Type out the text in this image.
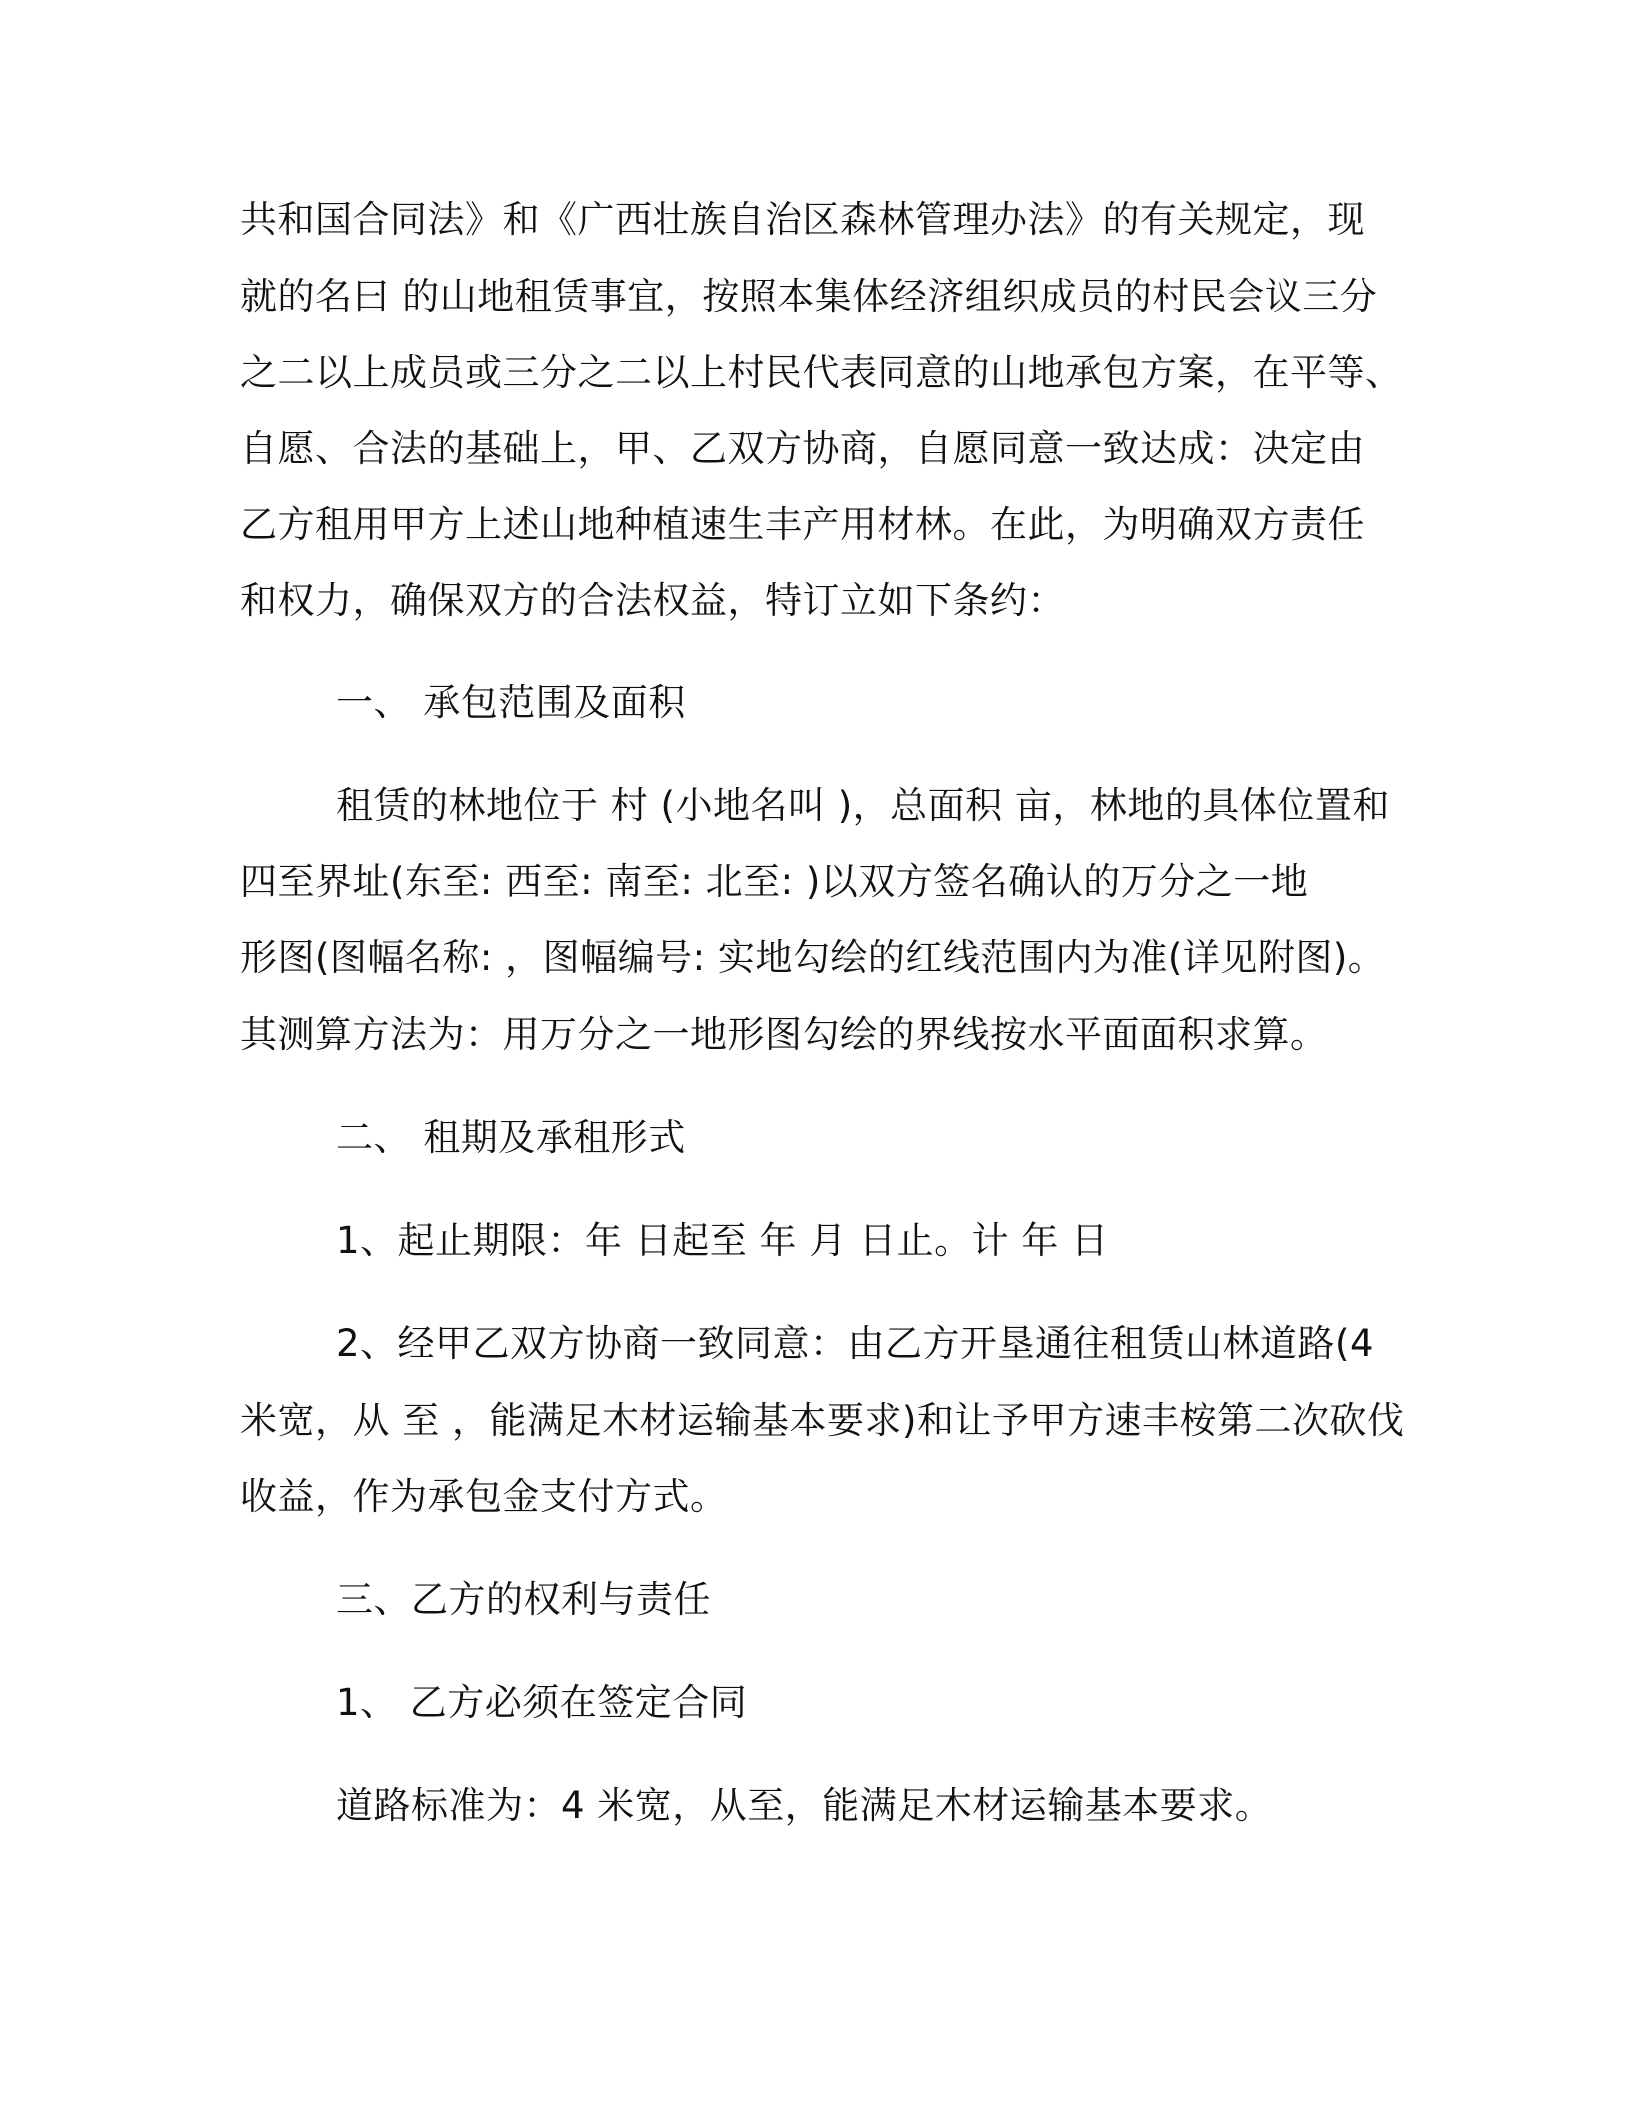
共和国合同法》和《广西壮族自治区森林管理办法》的有关规定，现
就的名曰 的山地租赁事宜，按照本集体经济组织成员的村民会议三分
之二以上成员或三分之二以上村民代表同意的山地承包方案，在平等、
自愿、合法的基础上，甲、乙双方协商，自愿同意一致达成：决定由
乙方租用甲方上述山地种植速生丰产用材林。在此，为明确双方责任
和权力，确保双方的合法权益，特订立如下条约：
一、 承包范围及面积
租赁的林地位于 村 (小地名叫 )，总面积 亩，林地的具体位置和
四至界址(东至: 西至: 南至: 北至: )以双方签名确认的万分之一地
形图(图幅名称: ，图幅编号: 实地勾绘的红线范围内为准(详见附图)。
其测算方法为：用万分之一地形图勾绘的界线按水平面面积求算。
二、 租期及承租形式
1、起止期限：年 日起至 年 月 日止。计 年 日
2、经甲乙双方协商一致同意：由乙方开垦通往租赁山林道路(4
米宽，从 至 ，能满足木材运输基本要求)和让予甲方速丰桉第二次砍伐
收益，作为承包金支付方式。
三、乙方的权利与责任
1、 乙方必须在签定合同
道路标准为：4 米宽，从至，能满足木材运输基本要求。
